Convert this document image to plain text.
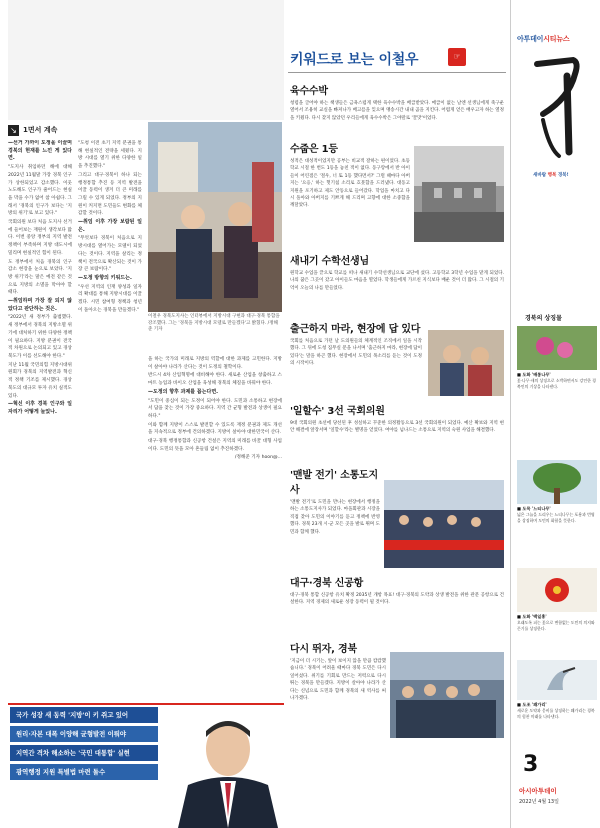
↘ 1면서 계속

—선거 가까이 도정을 이끌며 경북의 현재를 느낀 게 있다면.

"도지사 취임하던 해에 대해 2022년 11월말 가장 경북 인구가 상한되었고 감소했다. 이웃 노도해도 인구가 줄어드는 현실을 막을 수가 없어 참 아쉽다. 그래서 '경북의 인구가 보다는 '지방의 위기'로 보고 있다."

국회의원 보다 처음 도지사 선거에 들어보는 재원이 생각보다 많다. 이번 중앙 정부의 지역 발전 정책이 부족하며 지방 대도시에 밀리며 현실적인 힘이 된다.

도 정부에서 처음 경북의 인구 감소 현장을 눈으로 보았다. '지방 위기'라는 말은 예전 같은 것으로 지방의 소멸을 막아야 할 때다.

—취임하며 가장 잘 되지 않았다고 판단하는 것은.

"2022년 새 정부가 출범했다. 새 정부에서 경북의 지방소멸 위기에 대처하기 위한 다양한 정책이 필요하다. 지방 분권이 전국적 차원으로 논의되고 있고 경상북도가 이를 선도해야 한다."

지난 11월 국민의힘 지방시대위원회가 경북의 지역발전과 혁신적 정책 기조를 제시했다. 경상북도의 대규모 투자 유치 실적도 있다.

—혁신 이후 경북 인구와 일자리가 어떻게 늘었나.

"도청 이전 초기 지역 분권을 통해 현실적인 전략을 세웠다. 지방 시대를 열기 위한 다양한 일을 추진했다."

그리고 대구·경북이 하나 되는 행정통합 추진 등 지역 발전을 이끌 동력이 생겨 더 큰 미래를 그릴 수 있게 되었다. 정부의 지원이 커지면 도민들도 변화를 체감할 것이다.

—취임 이후 가장 보람된 일은.

"무엇보다 경북이 처음으로 지방시대를 열어가는 모델이 되었다는 것이다. 지역을 살리는 정책이 전국으로 확산되는 것이 가장 큰 보람이다."

—도정 방향의 키워드는.

"우선 지역의 인재 양성과 일자리 확대를 통해 지방시대를 이끌겠다. 시민 참여형 정책과 청년이 돌아오는 경북을 만들겠다."

이철우 경북도지사는 인터뷰에서 지방시대 구현과 대구·경북 통합을 강조했다. 그는 '경북을 지방시대 모델로 만들겠다'고 밝혔다. /정해준 기자

을 하는 국가의 미래로 지방의 역할에 대한 과제를 고민한다. 지방이 살아야 나라가 산다는 것이 도정의 철학이다.

반드시 4차 산업혁명에 대비해야 한다. 새로운 산업을 창출하고 스마트 농업과 바이오 산업을 육성해 경북의 체질을 바꿔야 한다.

—도정의 향후 과제를 꼽는다면.

"도민이 중심이 되는 도정이 되어야 한다. 도민과 소통하고 현장에서 답을 찾는 것이 가장 중요하다. 지역 간 균형 발전과 상생이 필요하다."

이와 함께 지방이 스스로 발전할 수 있도록 재정 분권과 제도 개선을 지속적으로 정부에 건의하겠다. 지방이 살아야 대한민국이 산다.

대구·경북 행정통합과 신공항 건설은 지역의 미래를 바꿀 대형 사업이다. 도민의 뜻을 모아 흔들림 없이 추진하겠다.

/정해준 기자 hoon@...

국가 성장 새 동력 '지방'이 키 쥐고 있어
원리·자본 대폭 이양해 균형발전 이뤄야
지역간 격차 해소하는 '국민 대통합' 실현
광역행정 지원 특별법 마련 돌수
키워드로 보는 이철우	☞
육수수박
청렴을 글어야 하는 책생들은 금욕스럽게 택한 육수수박을 배급받았다. 매급이 없는 날엔 선생님에게 죽구운 열어서 조용히 교실을 빠져나가 배고픔을 잊으며 맹송시간 내내 곰을 지킨다. 어렵게 얻은 배우고자 하는 열정을 키웠다. 다시 찾지 않았던 우리들에게 육수수박은 그야말로 '꿀맛'이었다.
수줍은 1등
성적은 대성적이었지만 공부는 비교적 잘하는 편이었다. 초등학교 시절 한 번도 1등을 놓친 적이 없다. 동구랑에서 반 아이들이 어린점은 '철우, 너 또 1등 했다면서?' 그럴 때마다 아버지는 '으응,' 하는 헛기침 소리로 흐뭇함을 드러냈다. 대동고 지원을 포기하고 제도 안동으로 들어갔다. 학업을 마치고 다시 돌아와 아버지를 기쁘게 해 드리며 고향에 대한 소중함을 깨달았다.
새내기 수학선생님
원학교 수업을 끝으로 학교를 떠나 새내기 수학선생님으로 교단에 섰다. 고등학교 3학년 수업을 맡게 되었다. 나의 꿈은 그곳이 갔고 아이들도 마음을 열었다. 학생들에게 가르친 지식보다 배운 것이 더 많다. 그 시절의 기억이 오늘의 나를 만들었다.
출근하지 마라, 현장에 답 있다
국회를 처음으로 가던 날 도의원들의 체계적인 조직에서 일을 시작했다. 그 뒤에 도청 집무실 문을 나서며 '출근하지 마라, 현장에 답이 있다'는 말을 하곤 했다. 현장에서 도민의 목소리를 듣는 것이 도정의 시작이다.
'일할수' 3선 국회의원
9대 국회의원 초선에 당선된 후 성실하고 꾸준한 의정활동으로 3선 국회의원이 되었다. 예산 확보와 지역 현안 해결에 앞장서며 '일할수'라는 별명을 얻었다. 여야를 넘나드는 소통으로 지역의 숙원 사업을 해결했다.
'맨발 전기' 소통도지사
'맨발 전기'로 도민을 만나는 현장에서 행정을 하는 소통도지사가 되었다. 마을회관과 시장을 직접 찾아 도민의 이야기를 듣고 정책에 반영했다. 경북 23개 시·군 모든 곳을 발로 뛰며 도민과 함께 했다.
대구·경북 신공항
대구·경북 통합 신공항 유치 확정 2035년 개항 목표! 대구·경북의 도약과 상생 발전을 위한 관문 공항으로 건설한다. 지역 경제의 새로운 성장 동력이 될 것이다.
다시 뛰자, 경북
'지금이 더 시기는, 앞이 보이지 않을 만큼 캄캄했습니다.' 경북이 어려울 때마다 경북 도민은 다시 일어섰다. 위기를 기회로 만드는 저력으로 다시 뛰는 경북을 만들겠다. 지방이 살아야 나라가 산다는 신념으로 도민과 함께 경북의 새 역사를 써 나가겠다.
아투데이시티뉴스
새바람 행복 경북!
경북의 상징물
■ 도화 '배롱나무'
꽃·나무·새의 상징으로 소박하면서도 강인한 경북인의 기상을 나타낸다.
■ 도목 '느티나무'
넓은 그늘을 드리우는 느티나무는 포용과 번영을 상징하며 도민의 화합을 뜻한다.
■ 도화 '백일홍'
오래도록 피는 꽃으로 변함없는 도민의 의지와 끈기를 상징한다.
■ 도조 '왜가리'
새로운 도약과 웅비를 상징하는 왜가리는 경북의 힘찬 미래를 나타낸다.
3
아시아투데이
2022년 4월 13일
